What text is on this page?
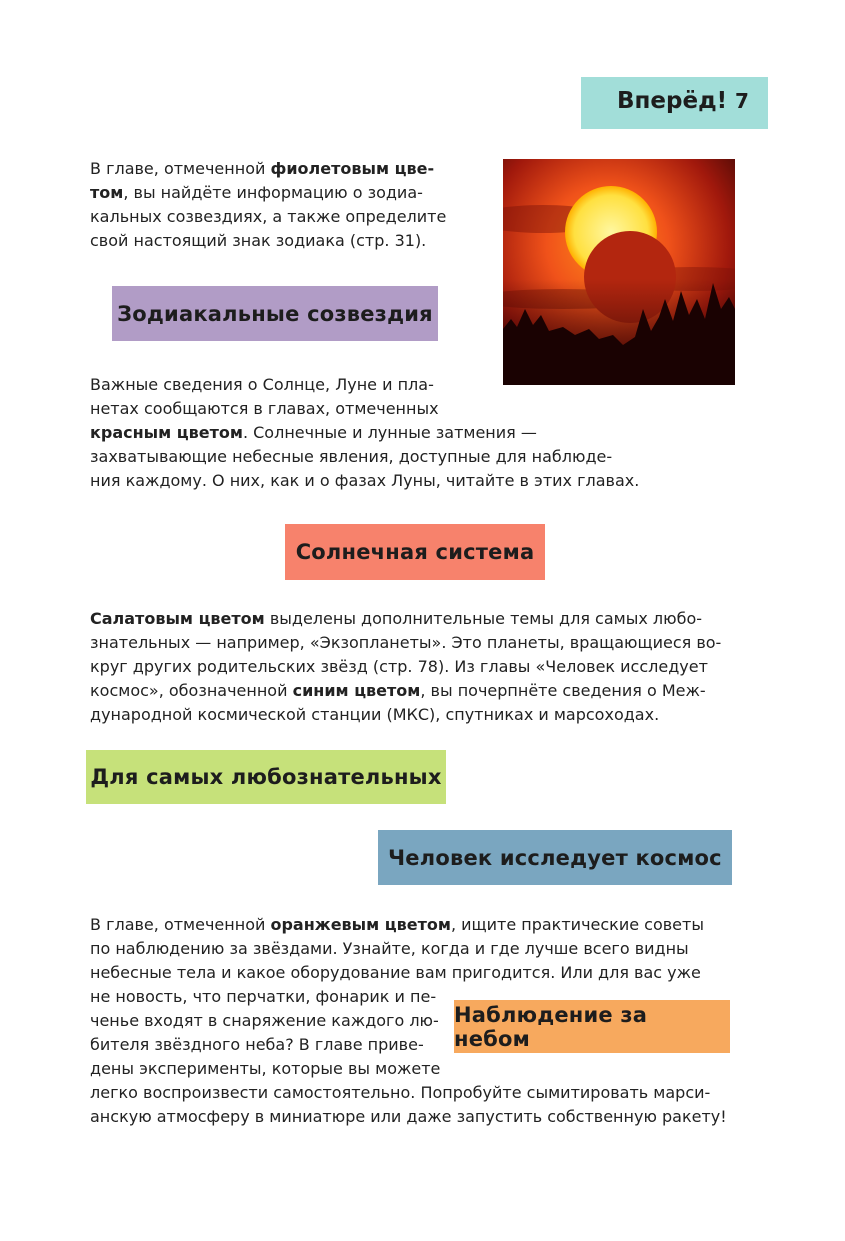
Вперёд! 7
В главе, отмеченной фиолетовым цве-
том, вы найдёте информацию о зодиа-
кальных созвездиях, а также определите
свой настоящий знак зодиака (стр. 31).
Зодиакальные созвездия
Важные сведения о Солнце, Луне и пла-
нетах сообщаются в главах, отмеченных
красным цветом. Солнечные и лунные затмения —
захватывающие небесные явления, доступные для наблюде-
ния каждому. О них, как и о фазах Луны, читайте в этих главах.
Солнечная система
Салатовым цветом выделены дополнительные темы для самых любо-
знательных — например, «Экзопланеты». Это планеты, вращающиеся во-
круг других родительских звёзд (стр. 78). Из главы «Человек исследует
космос», обозначенной синим цветом, вы почерпнёте сведения о Меж-
дународной космической станции (МКС), спутниках и марсоходах.
Для самых любознательных
Человек исследует космос
В главе, отмеченной оранжевым цветом, ищите практические советы
по наблюдению за звёздами. Узнайте, когда и где лучше всего видны
небесные тела и какое оборудование вам пригодится. Или для вас уже
не новость, что перчатки, фонарик и пе-
ченье входят в снаряжение каждого лю-
бителя звёздного неба? В главе приве-
дены эксперименты, которые вы можете
легко воспроизвести самостоятельно. Попробуйте сымитировать марси-
анскую атмосферу в миниатюре или даже запустить собственную ракету!
Наблюдение за небом
